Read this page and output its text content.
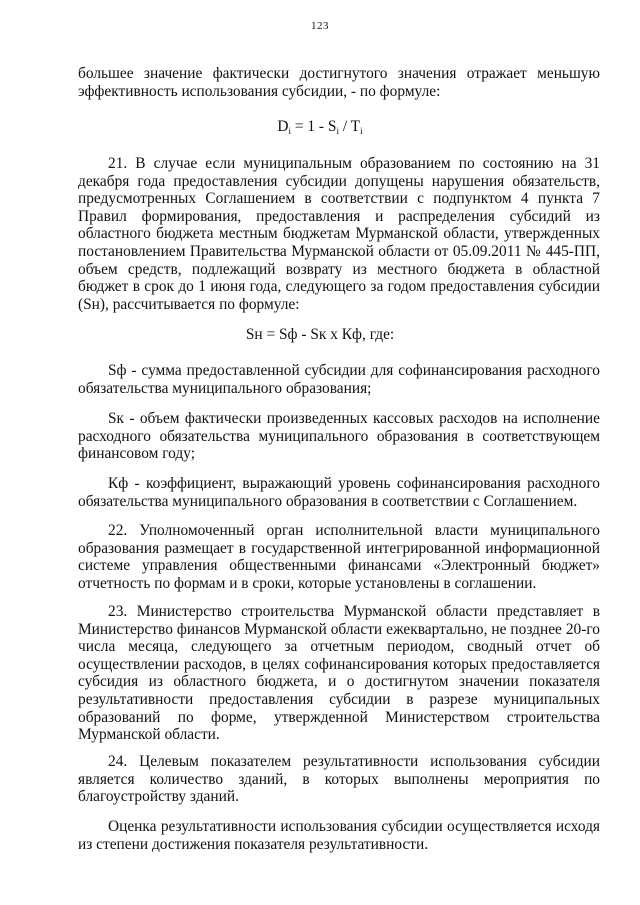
123
большее значение фактически достигнутого значения отражает меньшую эффективность использования субсидии, - по формуле:
$D_i = 1 - S_i / T_i$
21. В случае если муниципальным образованием по состоянию на 31 декабря года предоставления субсидии допущены нарушения обязательств, предусмотренных Соглашением в соответствии с подпунктом 4 пункта 7 Правил формирования, предоставления и распределения субсидий из областного бюджета местным бюджетам Мурманской области, утвержденных постановлением Правительства Мурманской области от 05.09.2011 № 445-ПП, объем средств, подлежащий возврату из местного бюджета в областной бюджет в срок до 1 июня года, следующего за годом предоставления субсидии (Sн), рассчитывается по формуле:
Sн = Sф - Sк х Кф, где:
Sф - сумма предоставленной субсидии для софинансирования расходного обязательства муниципального образования;
Sк - объем фактически произведенных кассовых расходов на исполнение расходного обязательства муниципального образования в соответствующем финансовом году;
Кф - коэффициент, выражающий уровень софинансирования расходного обязательства муниципального образования в соответствии с Соглашением.
22. Уполномоченный орган исполнительной власти муниципального образования размещает в государственной интегрированной информационной системе управления общественными финансами «Электронный бюджет» отчетность по формам и в сроки, которые установлены в соглашении.
23. Министерство строительства Мурманской области представляет в Министерство финансов Мурманской области ежеквартально, не позднее 20-го числа месяца, следующего за отчетным периодом, сводный отчет об осуществлении расходов, в целях софинансирования которых предоставляется субсидия из областного бюджета, и о достигнутом значении показателя результативности предоставления субсидии в разрезе муниципальных образований по форме, утвержденной Министерством строительства Мурманской области.
24. Целевым показателем результативности использования субсидии является количество зданий, в которых выполнены мероприятия по благоустройству зданий.
Оценка результативности использования субсидии осуществляется исходя из степени достижения показателя результативности.
